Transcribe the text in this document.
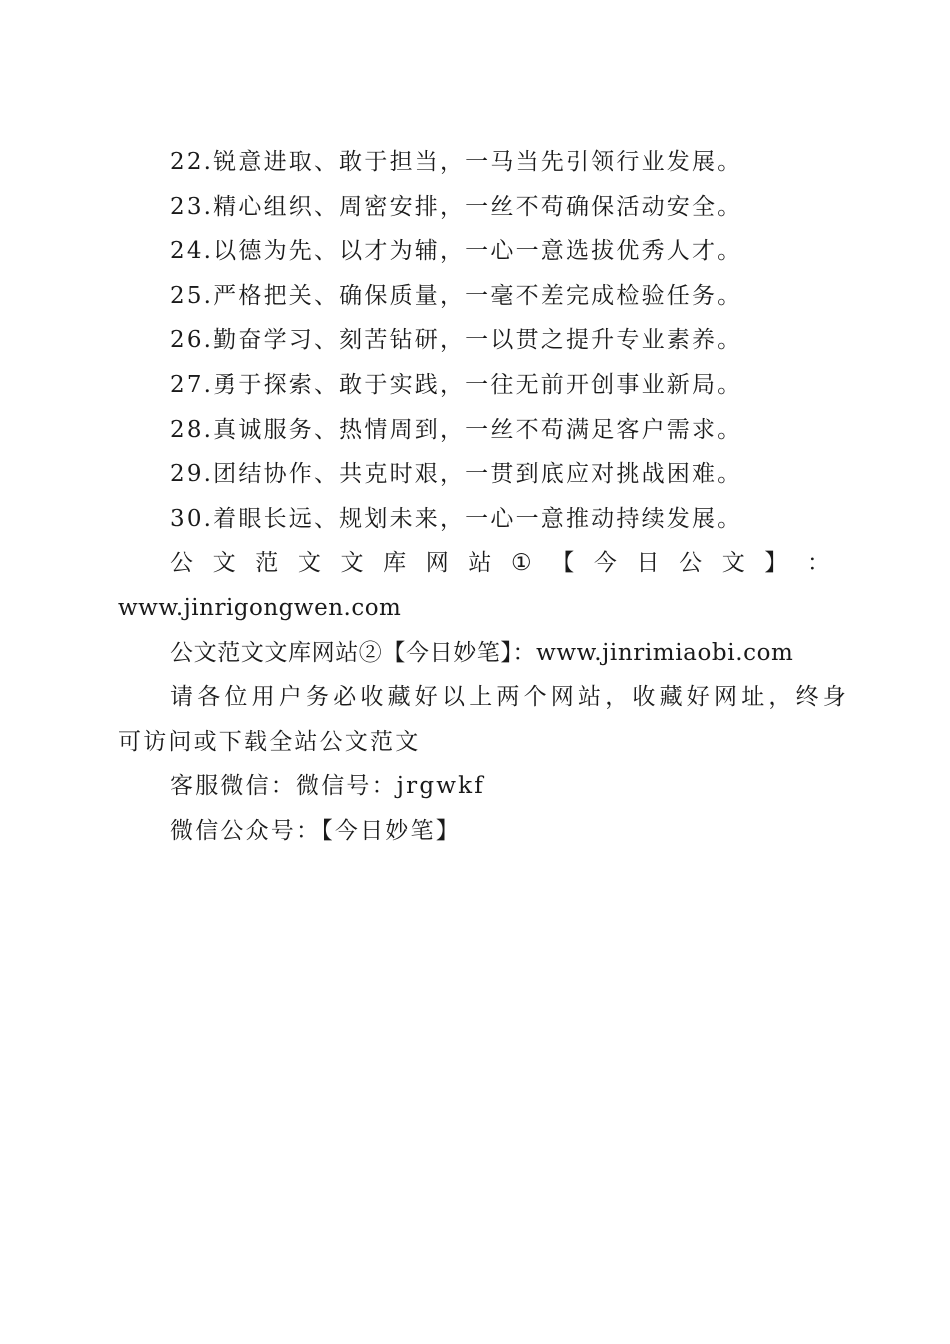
22.锐意进取、敢于担当，一马当先引领行业发展。
23.精心组织、周密安排，一丝不苟确保活动安全。
24.以德为先、以才为辅，一心一意选拔优秀人才。
25.严格把关、确保质量，一毫不差完成检验任务。
26.勤奋学习、刻苦钻研，一以贯之提升专业素养。
27.勇于探索、敢于实践，一往无前开创事业新局。
28.真诚服务、热情周到，一丝不苟满足客户需求。
29.团结协作、共克时艰，一贯到底应对挑战困难。
30.着眼长远、规划未来，一心一意推动持续发展。
公 文 范 文 文 库 网 站 ① 【 今 日 公 文 】 ：
www.jinrigongwen.com
公文范文文库网站②【今日妙笔】：www.jinrimiaobi.com
请各位用户务必收藏好以上两个网站，收藏好网址，终身
可访问或下载全站公文范文
客服微信：微信号：jrgwkf
微信公众号：【今日妙笔】
